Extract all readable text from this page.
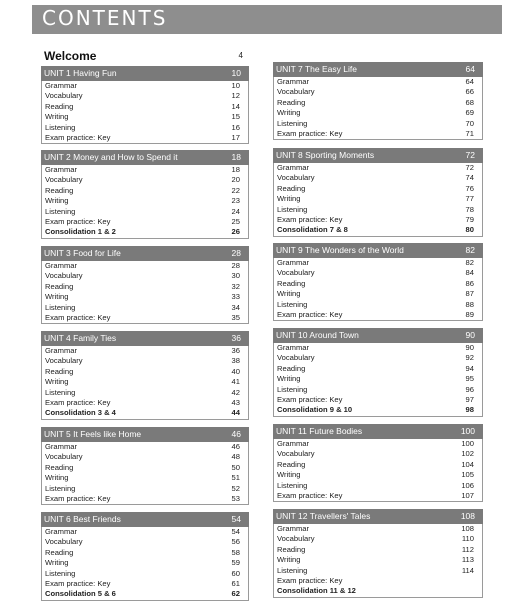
CONTENTS
Welcome	4
UNIT 1 Having Fun	10
Grammar	10
Vocabulary	12
Reading	14
Writing	15
Listening	16
Exam practice: Key	17
UNIT 2 Money and How to Spend it	18
Grammar	18
Vocabulary	20
Reading	22
Writing	23
Listening	24
Exam practice: Key	25
Consolidation 1 & 2	26
UNIT 3 Food for Life	28
Grammar	28
Vocabulary	30
Reading	32
Writing	33
Listening	34
Exam practice: Key	35
UNIT 4 Family Ties	36
Grammar	36
Vocabulary	38
Reading	40
Writing	41
Listening	42
Exam practice: Key	43
Consolidation 3 & 4	44
UNIT 5 It Feels like Home	46
Grammar	46
Vocabulary	48
Reading	50
Writing	51
Listening	52
Exam practice: Key	53
UNIT 6 Best Friends	54
Grammar	54
Vocabulary	56
Reading	58
Writing	59
Listening	60
Exam practice: Key	61
Consolidation 5 & 6	62
UNIT 7 The Easy Life	64
Grammar	64
Vocabulary	66
Reading	68
Writing	69
Listening	70
Exam practice: Key	71
UNIT 8 Sporting Moments	72
Grammar	72
Vocabulary	74
Reading	76
Writing	77
Listening	78
Exam practice: Key	79
Consolidation 7 & 8	80
UNIT 9 The Wonders of the World	82
Grammar	82
Vocabulary	84
Reading	86
Writing	87
Listening	88
Exam practice: Key	89
UNIT 10 Around Town	90
Grammar	90
Vocabulary	92
Reading	94
Writing	95
Listening	96
Exam practice: Key	97
Consolidation 9 & 10	98
UNIT 11 Future Bodies	100
Grammar	100
Vocabulary	102
Reading	104
Writing	105
Listening	106
Exam practice: Key	107
UNIT 12 Travellers' Tales	108
Grammar	108
Vocabulary	110
Reading	112
Writing	113
Listening	114
Exam practice: Key
Consolidation 11 & 12
